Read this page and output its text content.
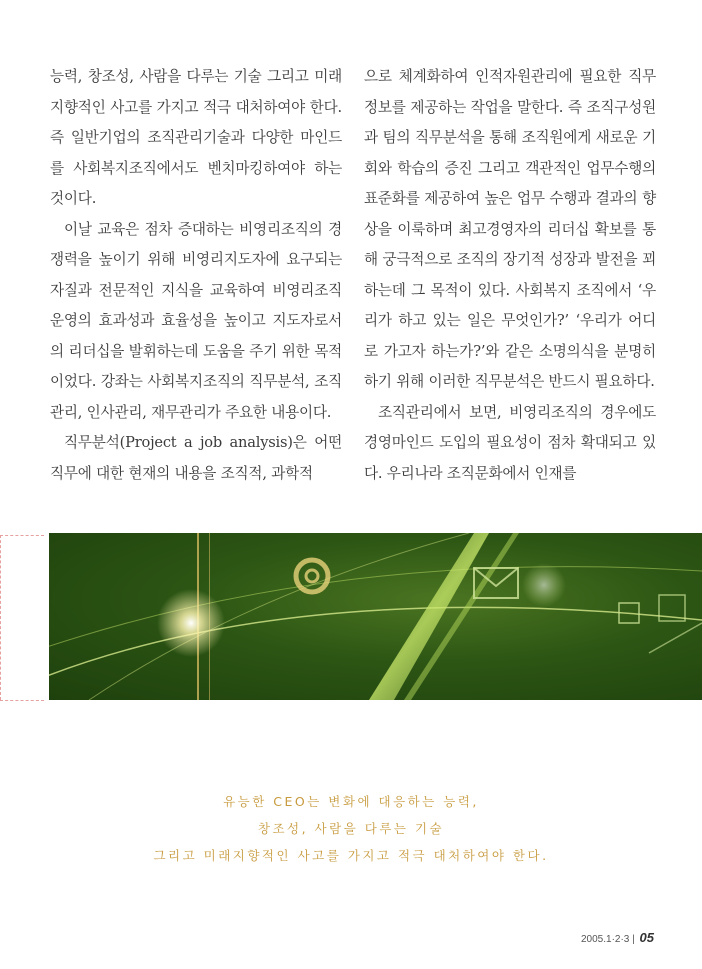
능력, 창조성, 사람을 다루는 기술 그리고 미래지향적인 사고를 가지고 적극 대처하여야 한다. 즉 일반기업의 조직관리기술과 다양한 마인드를 사회복지조직에서도 벤치마킹하여야 하는 것이다.

이날 교육은 점차 증대하는 비영리조직의 경쟁력을 높이기 위해 비영리지도자에 요구되는 자질과 전문적인 지식을 교육하여 비영리조직 운영의 효과성과 효율성을 높이고 지도자로서의 리더십을 발휘하는데 도움을 주기 위한 목적이었다. 강좌는 사회복지조직의 직무분석, 조직관리, 인사관리, 재무관리가 주요한 내용이다.

직무분석(Project a job analysis)은 어떤 직무에 대한 현재의 내용을 조직적, 과학적

으로 체계화하여 인적자원관리에 필요한 직무정보를 제공하는 작업을 말한다. 즉 조직구성원과 팀의 직무분석을 통해 조직원에게 새로운 기회와 학습의 증진 그리고 객관적인 업무수행의 표준화를 제공하여 높은 업무 수행과 결과의 향상을 이룩하며 최고경영자의 리더십 확보를 통해 궁극적으로 조직의 장기적 성장과 발전을 꾀하는데 그 목적이 있다. 사회복지 조직에서 ‘우리가 하고 있는 일은 무엇인가?’ ‘우리가 어디로 가고자 하는가?’와 같은 소명의식을 분명히 하기 위해 이러한 직무분석은 반드시 필요하다.

조직관리에서 보면, 비영리조직의 경우에도 경영마인드 도입의 필요성이 점차 확대되고 있다. 우리나라 조직문화에서 인재를

유능한 CEO는 변화에 대응하는 능력,
창조성, 사람을 다루는 기술
그리고 미래지향적인 사고를 가지고 적극 대처하여야 한다.
2005.1·2·3 | 05
